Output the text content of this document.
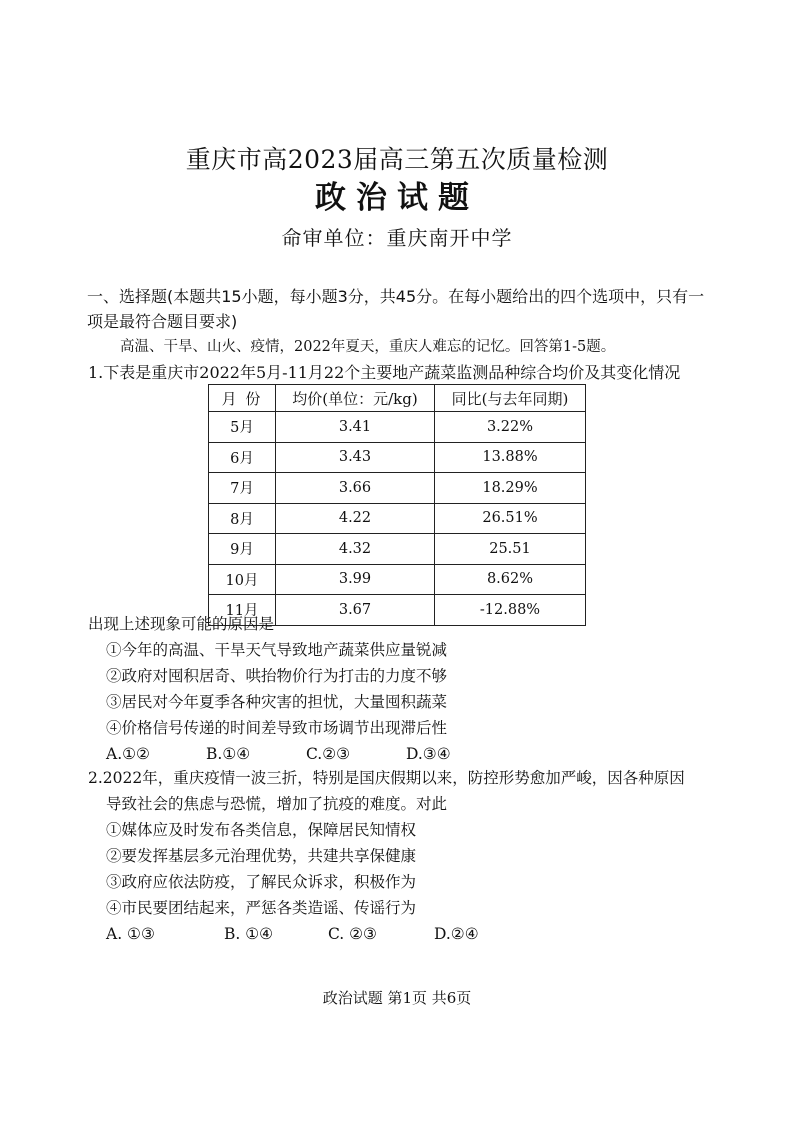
重庆市高2023届高三第五次质量检测
政治试题
命审单位：重庆南开中学
一、选择题(本题共15小题，每小题3分，共45分。在每小题给出的四个选项中，只有一项是最符合题目要求)
高温、干旱、山火、疫情，2022年夏天，重庆人难忘的记忆。回答第1-5题。
1.下表是重庆市2022年5月-11月22个主要地产蔬菜监测品种综合均价及其变化情况
月 份	均价(单位：元/kg)	同比(与去年同期)
5月	3.41	3.22%
6月	3.43	13.88%
7月	3.66	18.29%
8月	4.22	26.51%
9月	4.32	25.51
10月	3.99	8.62%
11月	3.67	-12.88%
出现上述现象可能的原因是
①今年的高温、干旱天气导致地产蔬菜供应量锐减
②政府对囤积居奇、哄抬物价行为打击的力度不够
③居民对今年夏季各种灾害的担忧，大量囤积蔬菜
④价格信号传递的时间差导致市场调节出现滞后性
A.①②	B.①④	C.②③	D.③④
2.2022年，重庆疫情一波三折，特别是国庆假期以来，防控形势愈加严峻，因各种原因
导致社会的焦虑与恐慌，增加了抗疫的难度。对此
①媒体应及时发布各类信息，保障居民知情权
②要发挥基层多元治理优势，共建共享保健康
③政府应依法防疫，了解民众诉求，积极作为
④市民要团结起来，严惩各类造谣、传谣行为
A. ①③	B. ①④	C. ②③	D.②④
政治试题 第1页 共6页
